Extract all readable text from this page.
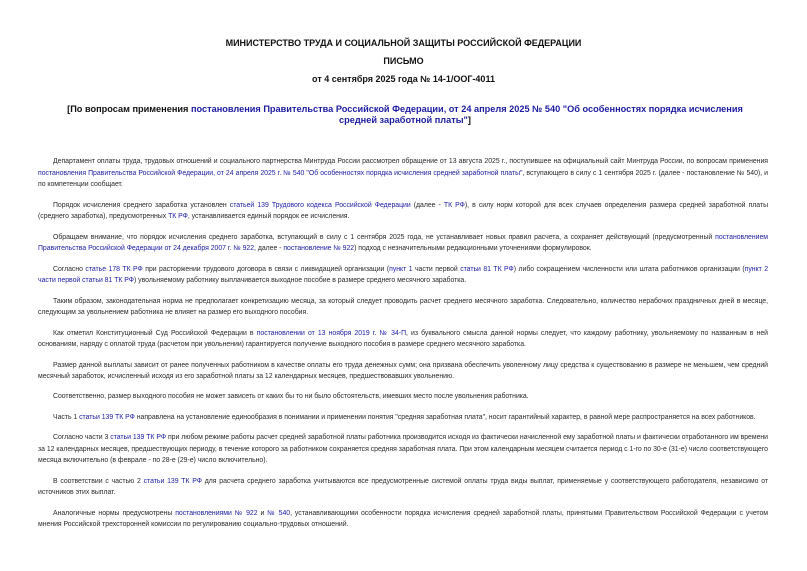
МИНИСТЕРСТВО ТРУДА И СОЦИАЛЬНОЙ ЗАЩИТЫ РОССИЙСКОЙ ФЕДЕРАЦИИ
ПИСЬМО
от 4 сентября 2025 года № 14-1/ООГ-4011
[По вопросам применения постановления Правительства Российской Федерации, от 24 апреля 2025 № 540 "Об особенностях порядка исчисления средней заработной платы"]

Департамент оплаты труда, трудовых отношений и социального партнерства Минтруда России рассмотрел обращение от 13 августа 2025 г., поступившее на официальный сайт Минтруда России, по вопросам применения постановления Правительства Российской Федерации, от 24 апреля 2025 г. № 540 "Об особенностях порядка исчисления средней заработной платы", вступающего в силу с 1 сентября 2025 г. (далее - постановление № 540), и по компетенции сообщает.

Порядок исчисления среднего заработка установлен статьей 139 Трудового кодекса Российской Федерации (далее - ТК РФ), в силу норм которой для всех случаев определения размера средней заработной платы (среднего заработка), предусмотренных ТК РФ, устанавливается единый порядок ее исчисления.

Обращаем внимание, что порядок исчисления среднего заработка, вступающий в силу с 1 сентября 2025 года, не устанавливает новых правил расчета, а сохраняет действующий (предусмотренный постановлением Правительства Российской Федерации от 24 декабря 2007 г. № 922, далее - постановление № 922) подход с незначительными редакционными уточнениями формулировок.

Согласно статье 178 ТК РФ при расторжении трудового договора в связи с ликвидацией организации (пункт 1 части первой статьи 81 ТК РФ) либо сокращением численности или штата работников организации (пункт 2 части первой статьи 81 ТК РФ) увольняемому работнику выплачивается выходное пособие в размере среднего месячного заработка.

Таким образом, законодательная норма не предполагает конкретизацию месяца, за который следует проводить расчет среднего месячного заработка. Следовательно, количество нерабочих праздничных дней в месяце, следующим за увольнением работника не влияет на размер его выходного пособия.

Как отметил Конституционный Суд Российской Федерации в постановлении от 13 ноября 2019 г. № 34-П, из буквального смысла данной нормы следует, что каждому работнику, увольняемому по названным в ней основаниям, наряду с оплатой труда (расчетом при увольнении) гарантируется получение выходного пособия в размере среднего месячного заработка.

Размер данной выплаты зависит от ранее полученных работником в качестве оплаты его труда денежных сумм; она призвана обеспечить уволенному лицу средства к существованию в размере не меньшем, чем средний месячный заработок, исчисленный исходя из его заработной платы за 12 календарных месяцев, предшествовавших увольнению.

Соответственно, размер выходного пособия не может зависеть от каких бы то ни было обстоятельств, имевших место после увольнения работника.

Часть 1 статьи 139 ТК РФ направлена на установление единообразия в понимании и применении понятия "средняя заработная плата", носит гарантийный характер, в равной мере распространяется на всех работников.

Согласно части 3 статьи 139 ТК РФ при любом режиме работы расчет средней заработной платы работника производится исходя из фактически начисленной ему заработной платы и фактически отработанного им времени за 12 календарных месяцев, предшествующих периоду, в течение которого за работником сохраняется средняя заработная плата. При этом календарным месяцем считается период с 1-го по 30-е (31-е) число соответствующего месяца включительно (в феврале - по 28-е (29-е) число включительно).

В соответствии с частью 2 статьи 139 ТК РФ для расчета среднего заработка учитываются все предусмотренные системой оплаты труда виды выплат, применяемые у соответствующего работодателя, независимо от источников этих выплат.

Аналогичные нормы предусмотрены постановлениями № 922 и № 540, устанавливающими особенности порядка исчисления средней заработной платы, принятыми Правительством Российской Федерации с учетом мнения Российской трехсторонней комиссии по регулированию социально-трудовых отношений.
